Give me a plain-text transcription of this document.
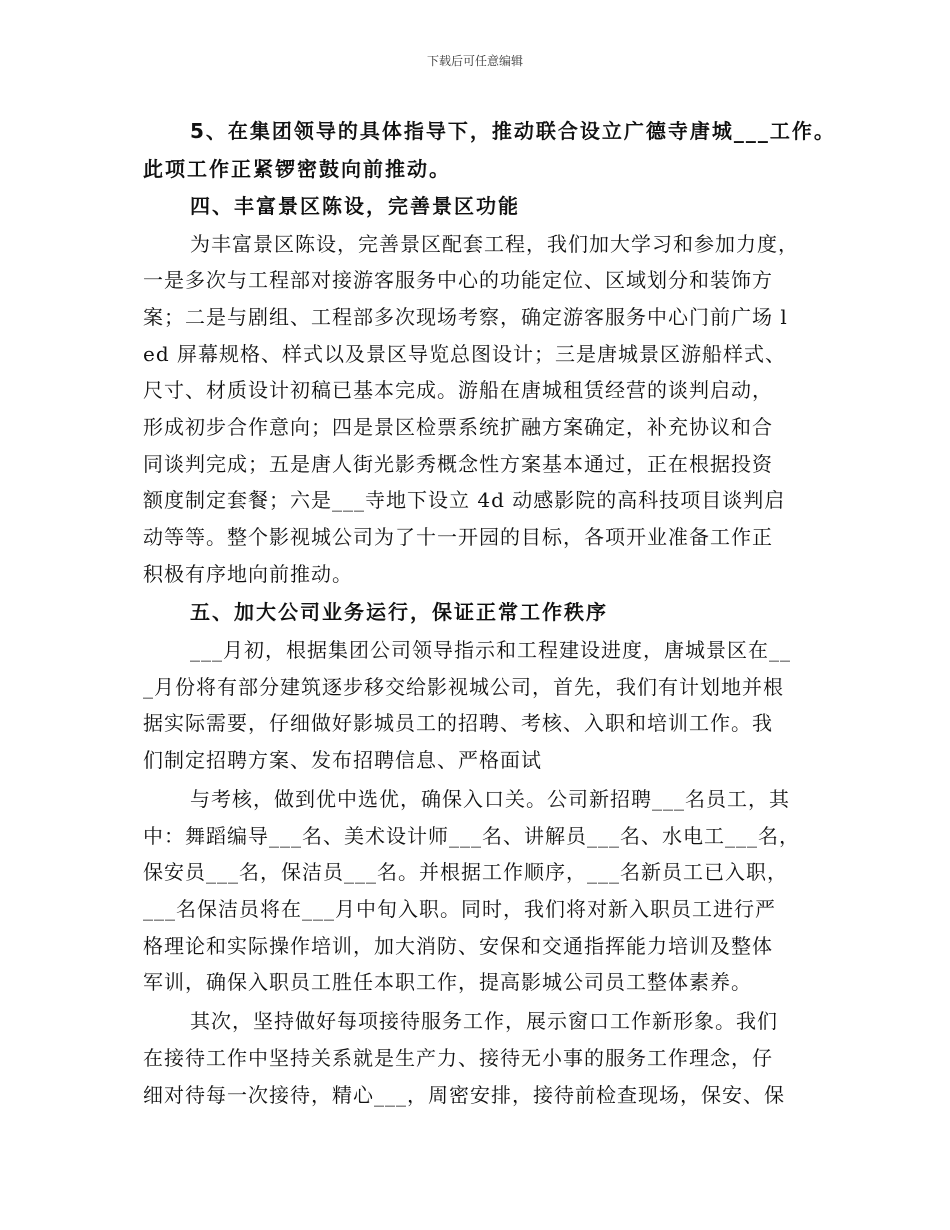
下载后可任意编辑
5、在集团领导的具体指导下，推动联合设立广德寺唐城___工作。
此项工作正紧锣密鼓向前推动。
四、丰富景区陈设，完善景区功能
为丰富景区陈设，完善景区配套工程，我们加大学习和参加力度，
一是多次与工程部对接游客服务中心的功能定位、区域划分和装饰方
案；二是与剧组、工程部多次现场考察，确定游客服务中心门前广场 l
ed 屏幕规格、样式以及景区导览总图设计；三是唐城景区游船样式、
尺寸、材质设计初稿已基本完成。游船在唐城租赁经营的谈判启动，
形成初步合作意向；四是景区检票系统扩融方案确定，补充协议和合
同谈判完成；五是唐人街光影秀概念性方案基本通过，正在根据投资
额度制定套餐；六是___寺地下设立 4d 动感影院的高科技项目谈判启
动等等。整个影视城公司为了十一开园的目标，各项开业准备工作正
积极有序地向前推动。
五、加大公司业务运行，保证正常工作秩序
___月初，根据集团公司领导指示和工程建设进度，唐城景区在__
_月份将有部分建筑逐步移交给影视城公司，首先，我们有计划地并根
据实际需要，仔细做好影城员工的招聘、考核、入职和培训工作。我
们制定招聘方案、发布招聘信息、严格面试
与考核，做到优中选优，确保入口关。公司新招聘___名员工，其
中：舞蹈编导___名、美术设计师___名、讲解员___名、水电工___名，
保安员___名，保洁员___名。并根据工作顺序，___名新员工已入职，
___名保洁员将在___月中旬入职。同时，我们将对新入职员工进行严
格理论和实际操作培训，加大消防、安保和交通指挥能力培训及整体
军训，确保入职员工胜任本职工作，提高影城公司员工整体素养。
其次，坚持做好每项接待服务工作，展示窗口工作新形象。我们
在接待工作中坚持关系就是生产力、接待无小事的服务工作理念，仔
细对待每一次接待，精心___，周密安排，接待前检查现场，保安、保
